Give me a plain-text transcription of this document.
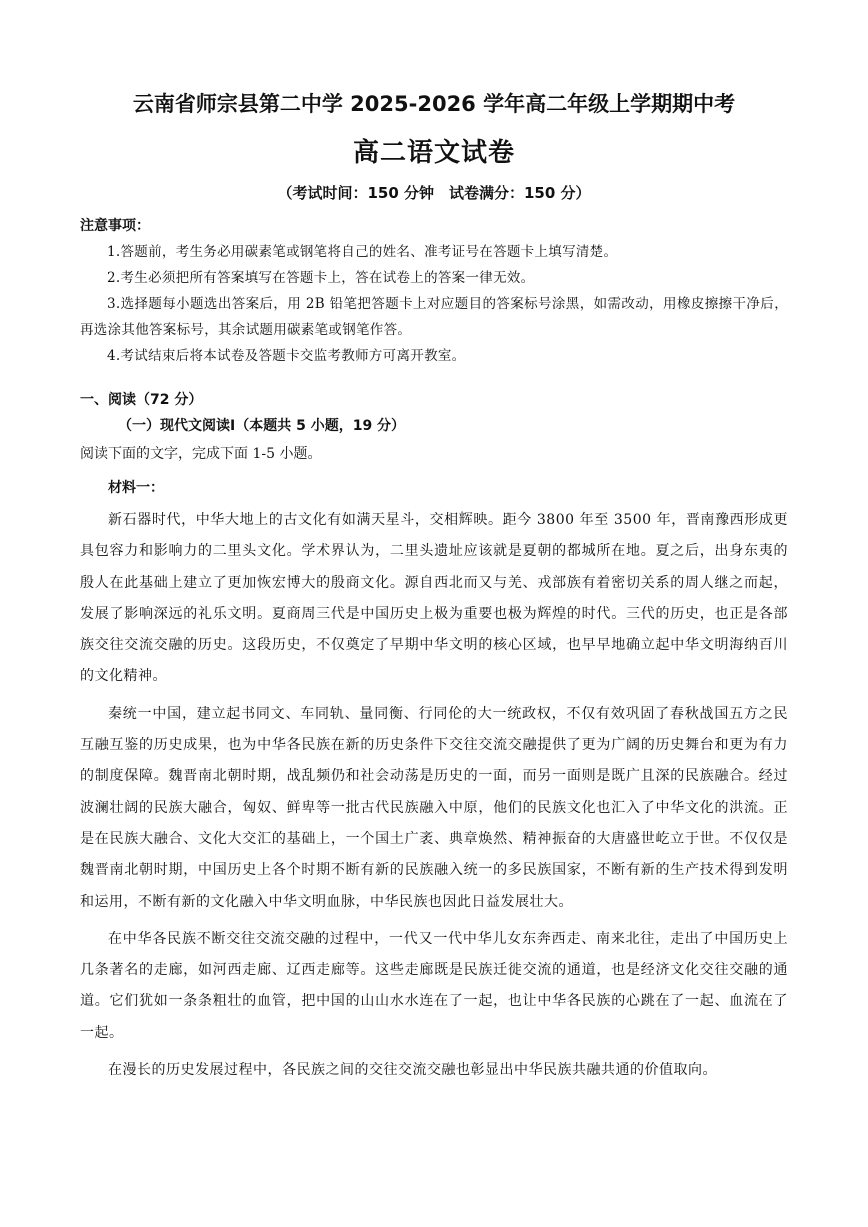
云南省师宗县第二中学 2025-2026 学年高二年级上学期期中考
高二语文试卷
（考试时间：150 分钟　试卷满分：150 分）
注意事项：
1.答题前，考生务必用碳素笔或钢笔将自己的姓名、准考证号在答题卡上填写清楚。
2.考生必须把所有答案填写在答题卡上，答在试卷上的答案一律无效。
3.选择题每小题选出答案后，用 2B 铅笔把答题卡上对应题目的答案标号涂黑，如需改动，用橡皮擦擦干净后，再选涂其他答案标号，其余试题用碳素笔或钢笔作答。
4.考试结束后将本试卷及答题卡交监考教师方可离开教室。
一、阅读（72 分）
（一）现代文阅读Ⅰ（本题共 5 小题，19 分）
阅读下面的文字，完成下面 1-5 小题。
材料一：

新石器时代，中华大地上的古文化有如满天星斗，交相辉映。距今 3800 年至 3500 年，晋南豫西形成更具包容力和影响力的二里头文化。学术界认为，二里头遗址应该就是夏朝的都城所在地。夏之后，出身东夷的殷人在此基础上建立了更加恢宏博大的殷商文化。源自西北而又与羌、戎部族有着密切关系的周人继之而起，发展了影响深远的礼乐文明。夏商周三代是中国历史上极为重要也极为辉煌的时代。三代的历史，也正是各部族交往交流交融的历史。这段历史，不仅奠定了早期中华文明的核心区域，也早早地确立起中华文明海纳百川的文化精神。

秦统一中国，建立起书同文、车同轨、量同衡、行同伦的大一统政权，不仅有效巩固了春秋战国五方之民互融互鉴的历史成果，也为中华各民族在新的历史条件下交往交流交融提供了更为广阔的历史舞台和更为有力的制度保障。魏晋南北朝时期，战乱频仍和社会动荡是历史的一面，而另一面则是既广且深的民族融合。经过波澜壮阔的民族大融合，匈奴、鲜卑等一批古代民族融入中原，他们的民族文化也汇入了中华文化的洪流。正是在民族大融合、文化大交汇的基础上，一个国土广袤、典章焕然、精神振奋的大唐盛世屹立于世。不仅仅是魏晋南北朝时期，中国历史上各个时期不断有新的民族融入统一的多民族国家，不断有新的生产技术得到发明和运用，不断有新的文化融入中华文明血脉，中华民族也因此日益发展壮大。

在中华各民族不断交往交流交融的过程中，一代又一代中华儿女东奔西走、南来北往，走出了中国历史上几条著名的走廊，如河西走廊、辽西走廊等。这些走廊既是民族迁徙交流的通道，也是经济文化交往交融的通道。它们犹如一条条粗壮的血管，把中国的山山水水连在了一起，也让中华各民族的心跳在了一起、血流在了一起。

在漫长的历史发展过程中，各民族之间的交往交流交融也彰显出中华民族共融共通的价值取向。
